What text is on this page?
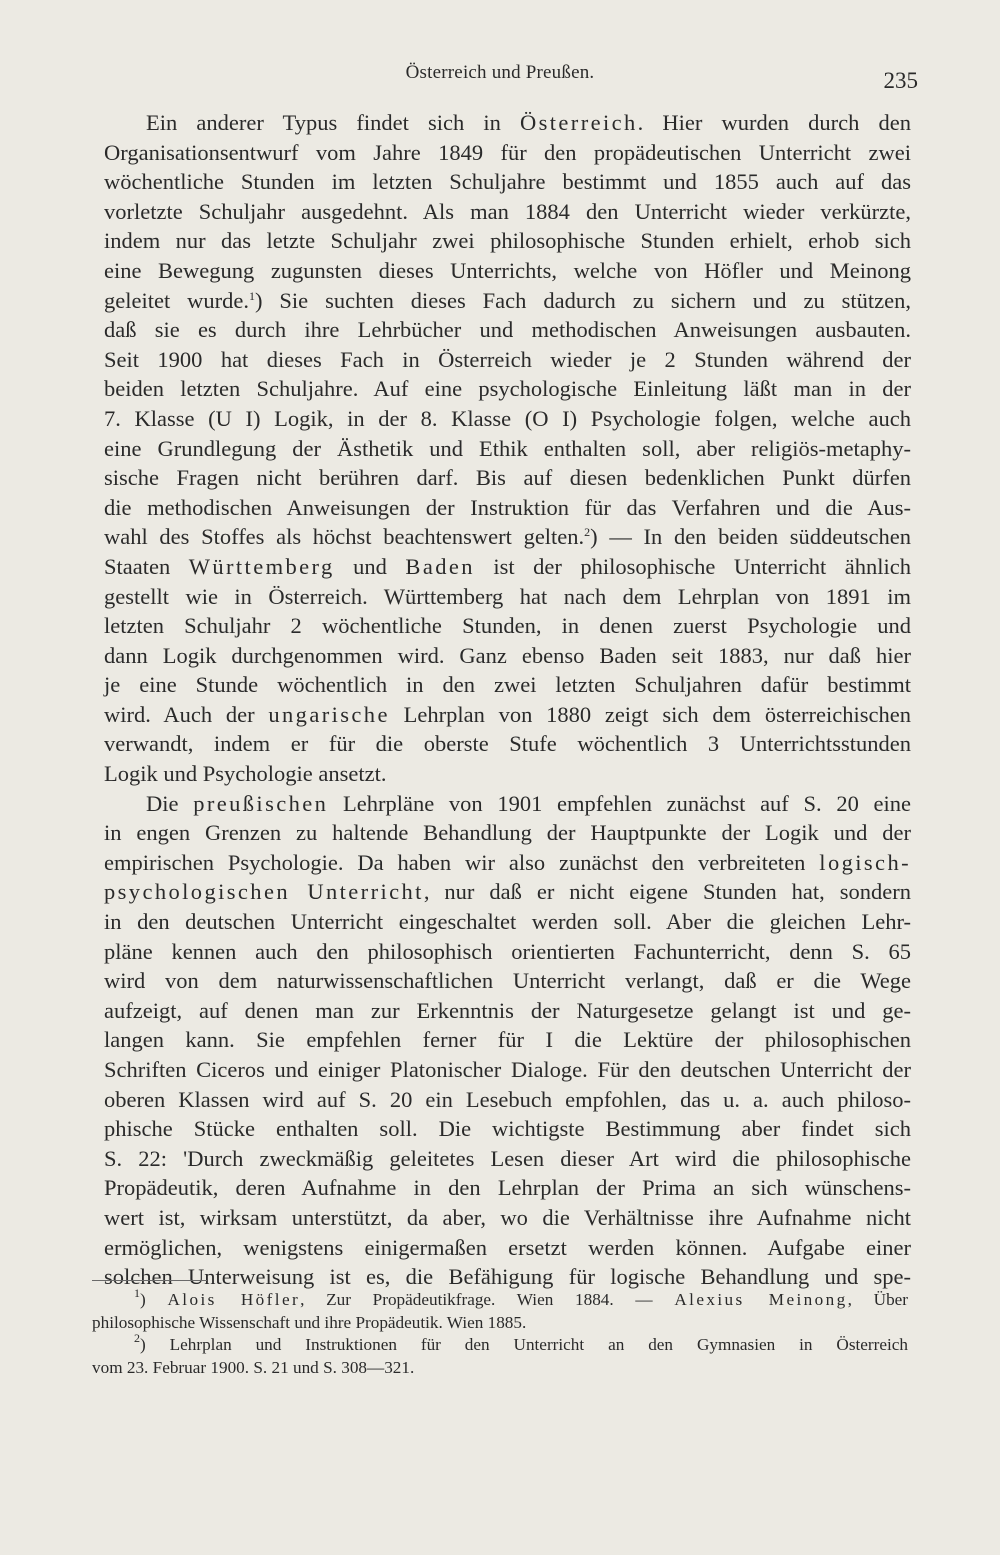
Österreich und Preußen.	235
Ein anderer Typus findet sich in Österreich. Hier wurden durch den
Organisationsentwurf vom Jahre 1849 für den propädeutischen Unterricht zwei
wöchentliche Stunden im letzten Schuljahre bestimmt und 1855 auch auf das
vorletzte Schuljahr ausgedehnt. Als man 1884 den Unterricht wieder verkürzte,
indem nur das letzte Schuljahr zwei philosophische Stunden erhielt, erhob sich
eine Bewegung zugunsten dieses Unterrichts, welche von Höfler und Meinong
geleitet wurde.$^1$) Sie suchten dieses Fach dadurch zu sichern und zu stützen,
daß sie es durch ihre Lehrbücher und methodischen Anweisungen ausbauten.
Seit 1900 hat dieses Fach in Österreich wieder je 2 Stunden während der
beiden letzten Schuljahre. Auf eine psychologische Einleitung läßt man in der
7. Klasse (U I) Logik, in der 8. Klasse (O I) Psychologie folgen, welche auch
eine Grundlegung der Ästhetik und Ethik enthalten soll, aber religiös-metaphy-
sische Fragen nicht berühren darf. Bis auf diesen bedenklichen Punkt dürfen
die methodischen Anweisungen der Instruktion für das Verfahren und die Aus-
wahl des Stoffes als höchst beachtenswert gelten.$^2$) — In den beiden süddeutschen
Staaten Württemberg und Baden ist der philosophische Unterricht ähnlich
gestellt wie in Österreich. Württemberg hat nach dem Lehrplan von 1891 im
letzten Schuljahr 2 wöchentliche Stunden, in denen zuerst Psychologie und
dann Logik durchgenommen wird. Ganz ebenso Baden seit 1883, nur daß hier
je eine Stunde wöchentlich in den zwei letzten Schuljahren dafür bestimmt
wird. Auch der ungarische Lehrplan von 1880 zeigt sich dem österreichischen
verwandt, indem er für die oberste Stufe wöchentlich 3 Unterrichtsstunden
Logik und Psychologie ansetzt.
Die preußischen Lehrpläne von 1901 empfehlen zunächst auf S. 20 eine
in engen Grenzen zu haltende Behandlung der Hauptpunkte der Logik und der
empirischen Psychologie. Da haben wir also zunächst den verbreiteten logisch-
psychologischen Unterricht, nur daß er nicht eigene Stunden hat, sondern
in den deutschen Unterricht eingeschaltet werden soll. Aber die gleichen Lehr-
pläne kennen auch den philosophisch orientierten Fachunterricht, denn S. 65
wird von dem naturwissenschaftlichen Unterricht verlangt, daß er die Wege
aufzeigt, auf denen man zur Erkenntnis der Naturgesetze gelangt ist und ge-
langen kann. Sie empfehlen ferner für I die Lektüre der philosophischen
Schriften Ciceros und einiger Platonischer Dialoge. Für den deutschen Unterricht der
oberen Klassen wird auf S. 20 ein Lesebuch empfohlen, das u. a. auch philoso-
phische Stücke enthalten soll. Die wichtigste Bestimmung aber findet sich
S. 22: 'Durch zweckmäßig geleitetes Lesen dieser Art wird die philosophische
Propädeutik, deren Aufnahme in den Lehrplan der Prima an sich wünschens-
wert ist, wirksam unterstützt, da aber, wo die Verhältnisse ihre Aufnahme nicht
ermöglichen, wenigstens einigermaßen ersetzt werden können. Aufgabe einer
solchen Unterweisung ist es, die Befähigung für logische Behandlung und spe-
$^1$) Alois Höfler, Zur Propädeutikfrage. Wien 1884. — Alexius Meinong, Über
philosophische Wissenschaft und ihre Propädeutik. Wien 1885.
$^2$) Lehrplan und Instruktionen für den Unterricht an den Gymnasien in Österreich
vom 23. Februar 1900. S. 21 und S. 308—321.
